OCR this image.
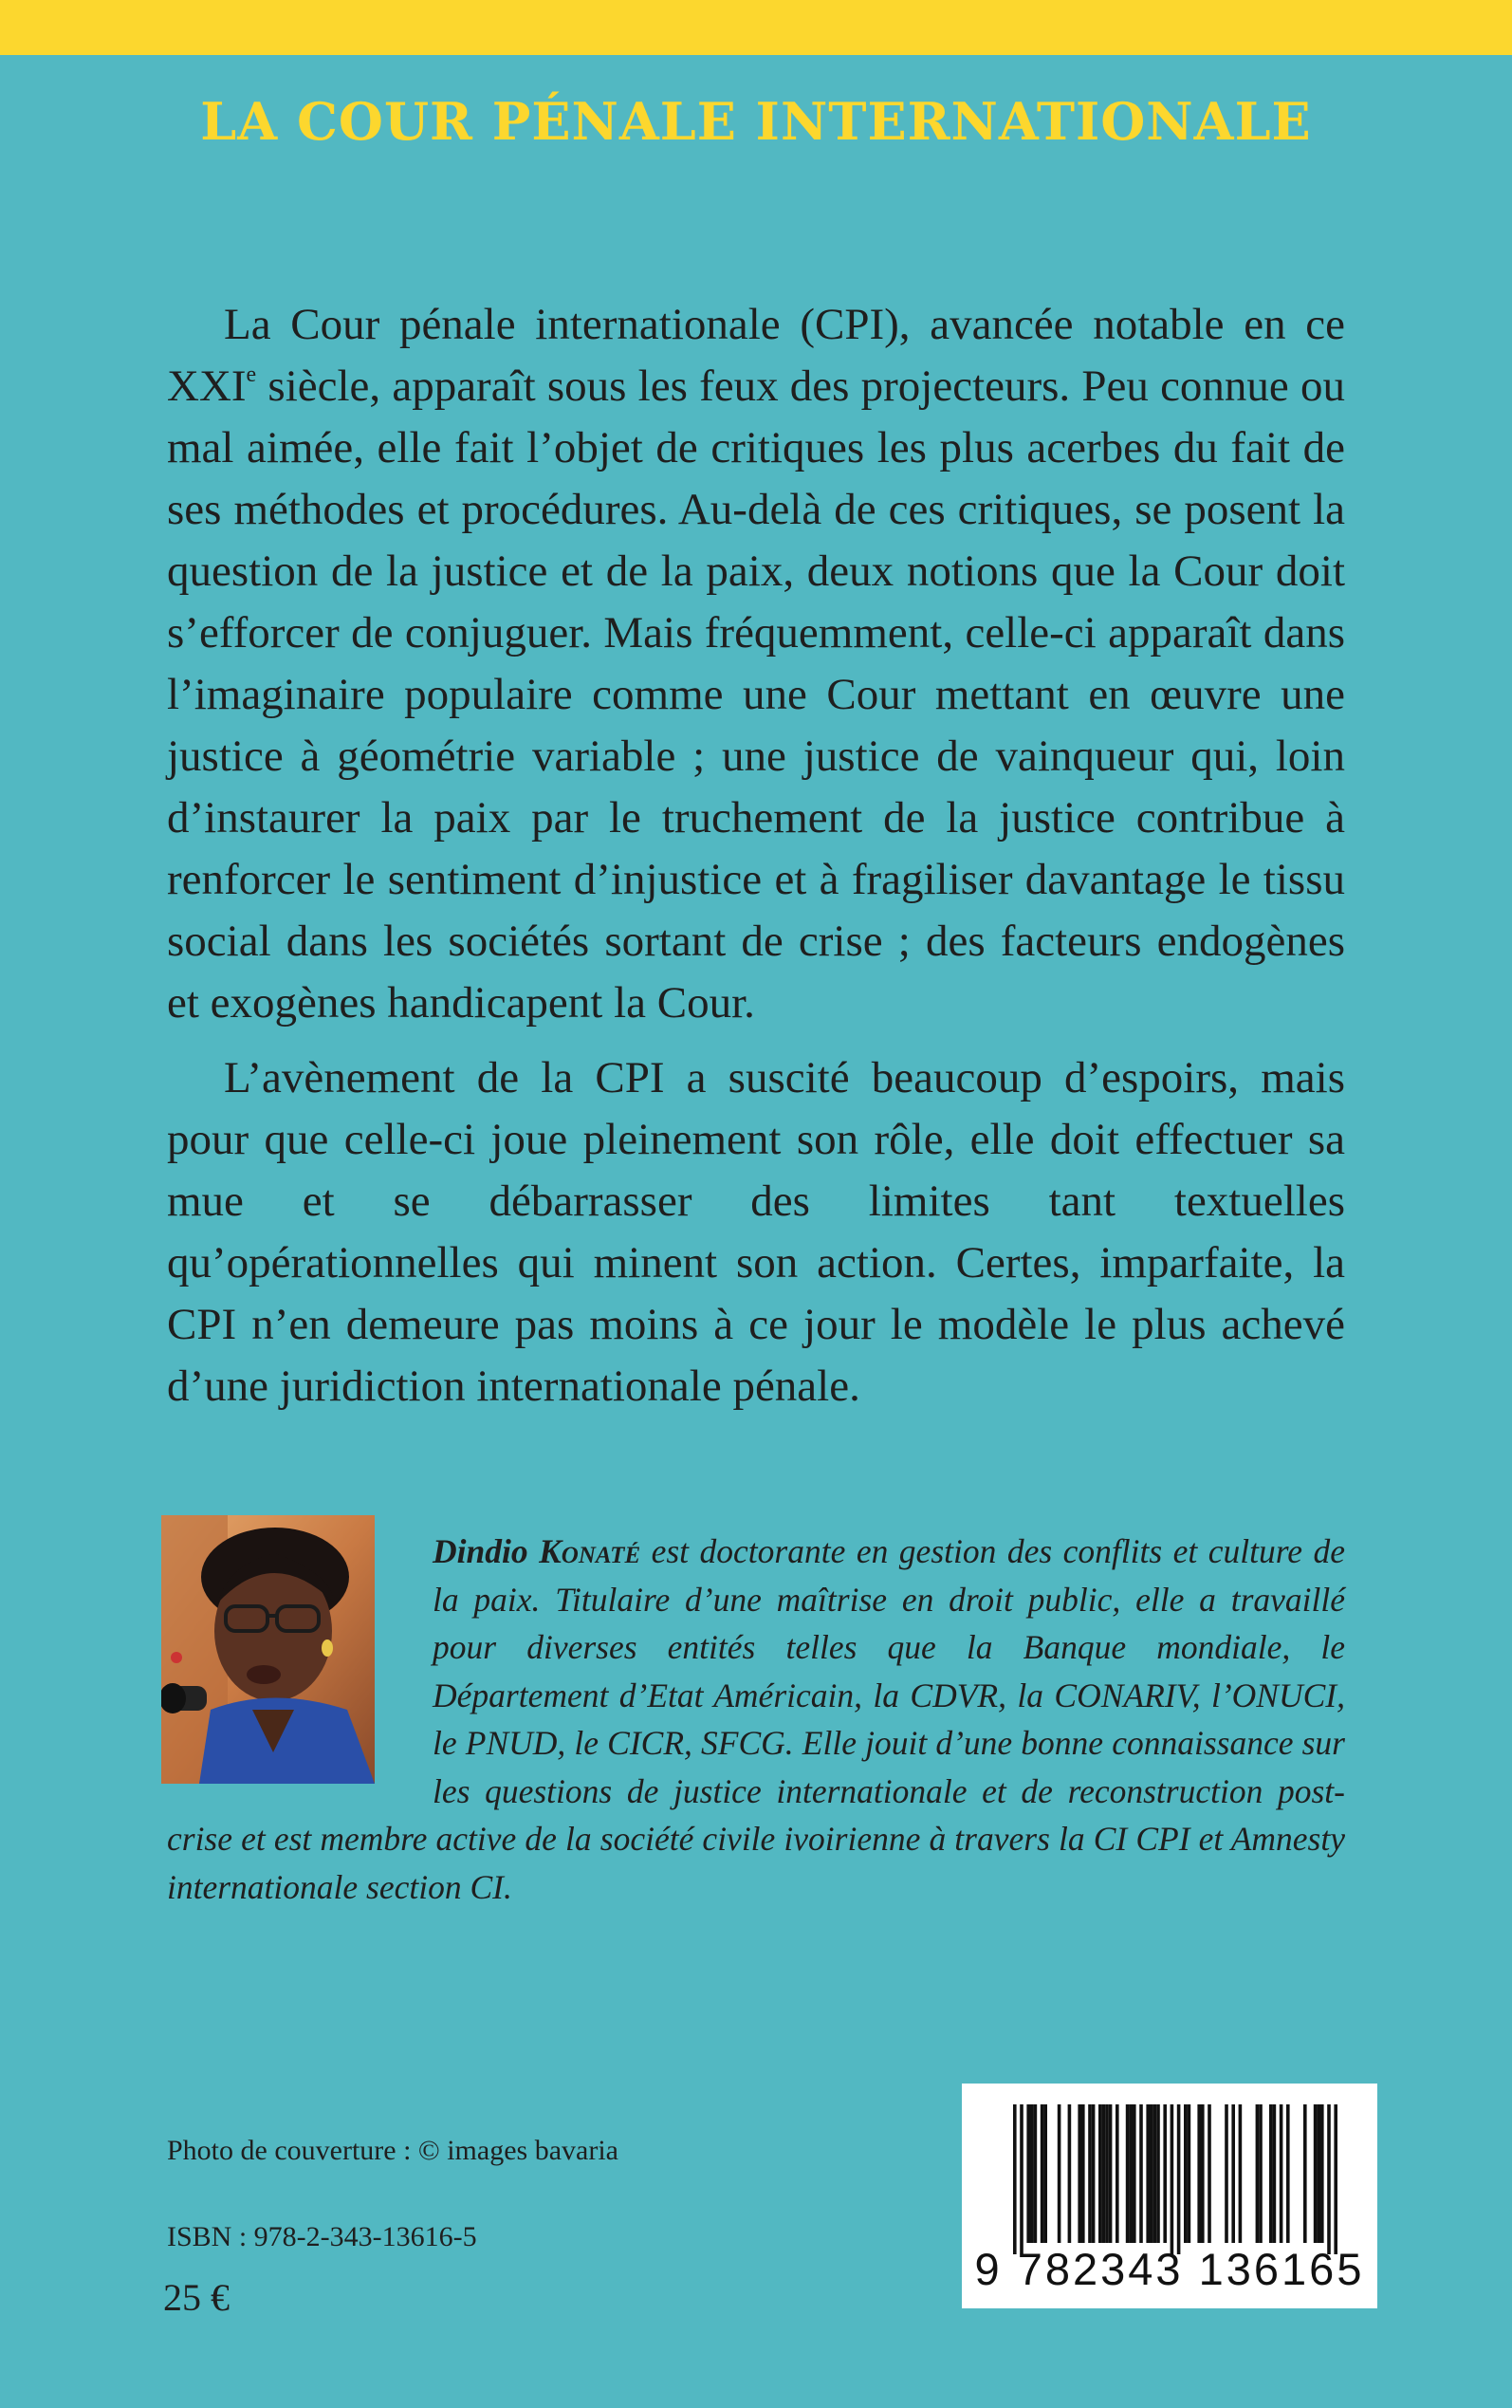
LA COUR PÉNALE INTERNATIONALE

La Cour pénale internationale (CPI), avancée notable en ce XXIe siècle, apparaît sous les feux des projecteurs. Peu connue ou mal aimée, elle fait l’objet de critiques les plus acerbes du fait de ses méthodes et procédures. Au-delà de ces critiques, se posent la question de la justice et de la paix, deux notions que la Cour doit s’efforcer de conjuguer. Mais fréquemment, celle-ci apparaît dans l’imaginaire populaire comme une Cour mettant en œuvre une justice à géométrie variable ; une justice de vainqueur qui, loin d’instaurer la paix par le truchement de la justice contribue à renforcer le sentiment d’injustice et à fragiliser davantage le tissu social dans les sociétés sortant de crise ; des facteurs endogènes et exogènes handicapent la Cour.

L’avènement de la CPI a suscité beaucoup d’espoirs, mais pour que celle-ci joue pleinement son rôle, elle doit effectuer sa mue et se débarrasser des limites tant textuelles qu’opérationnelles qui minent son action. Certes, imparfaite, la CPI n’en demeure pas moins à ce jour le modèle le plus achevé d’une juridiction internationale pénale.

Dindio Konaté est doctorante en gestion des conflits et culture de la paix. Titulaire d’une maîtrise en droit public, elle a travaillé pour diverses entités telles que la Banque mondiale, le Département d’Etat Américain, la CDVR, la CONARIV, l’ONUCI, le PNUD, le CICR, SFCG. Elle jouit d’une bonne connaissance sur les questions de justice internationale et de reconstruction post-crise et est membre active de la société civile ivoirienne à travers la CI CPI et Amnesty internationale section CI.
Photo de couverture : © images bavaria
ISBN : 978-2-343-13616-5
25 €
9 782343 136165
